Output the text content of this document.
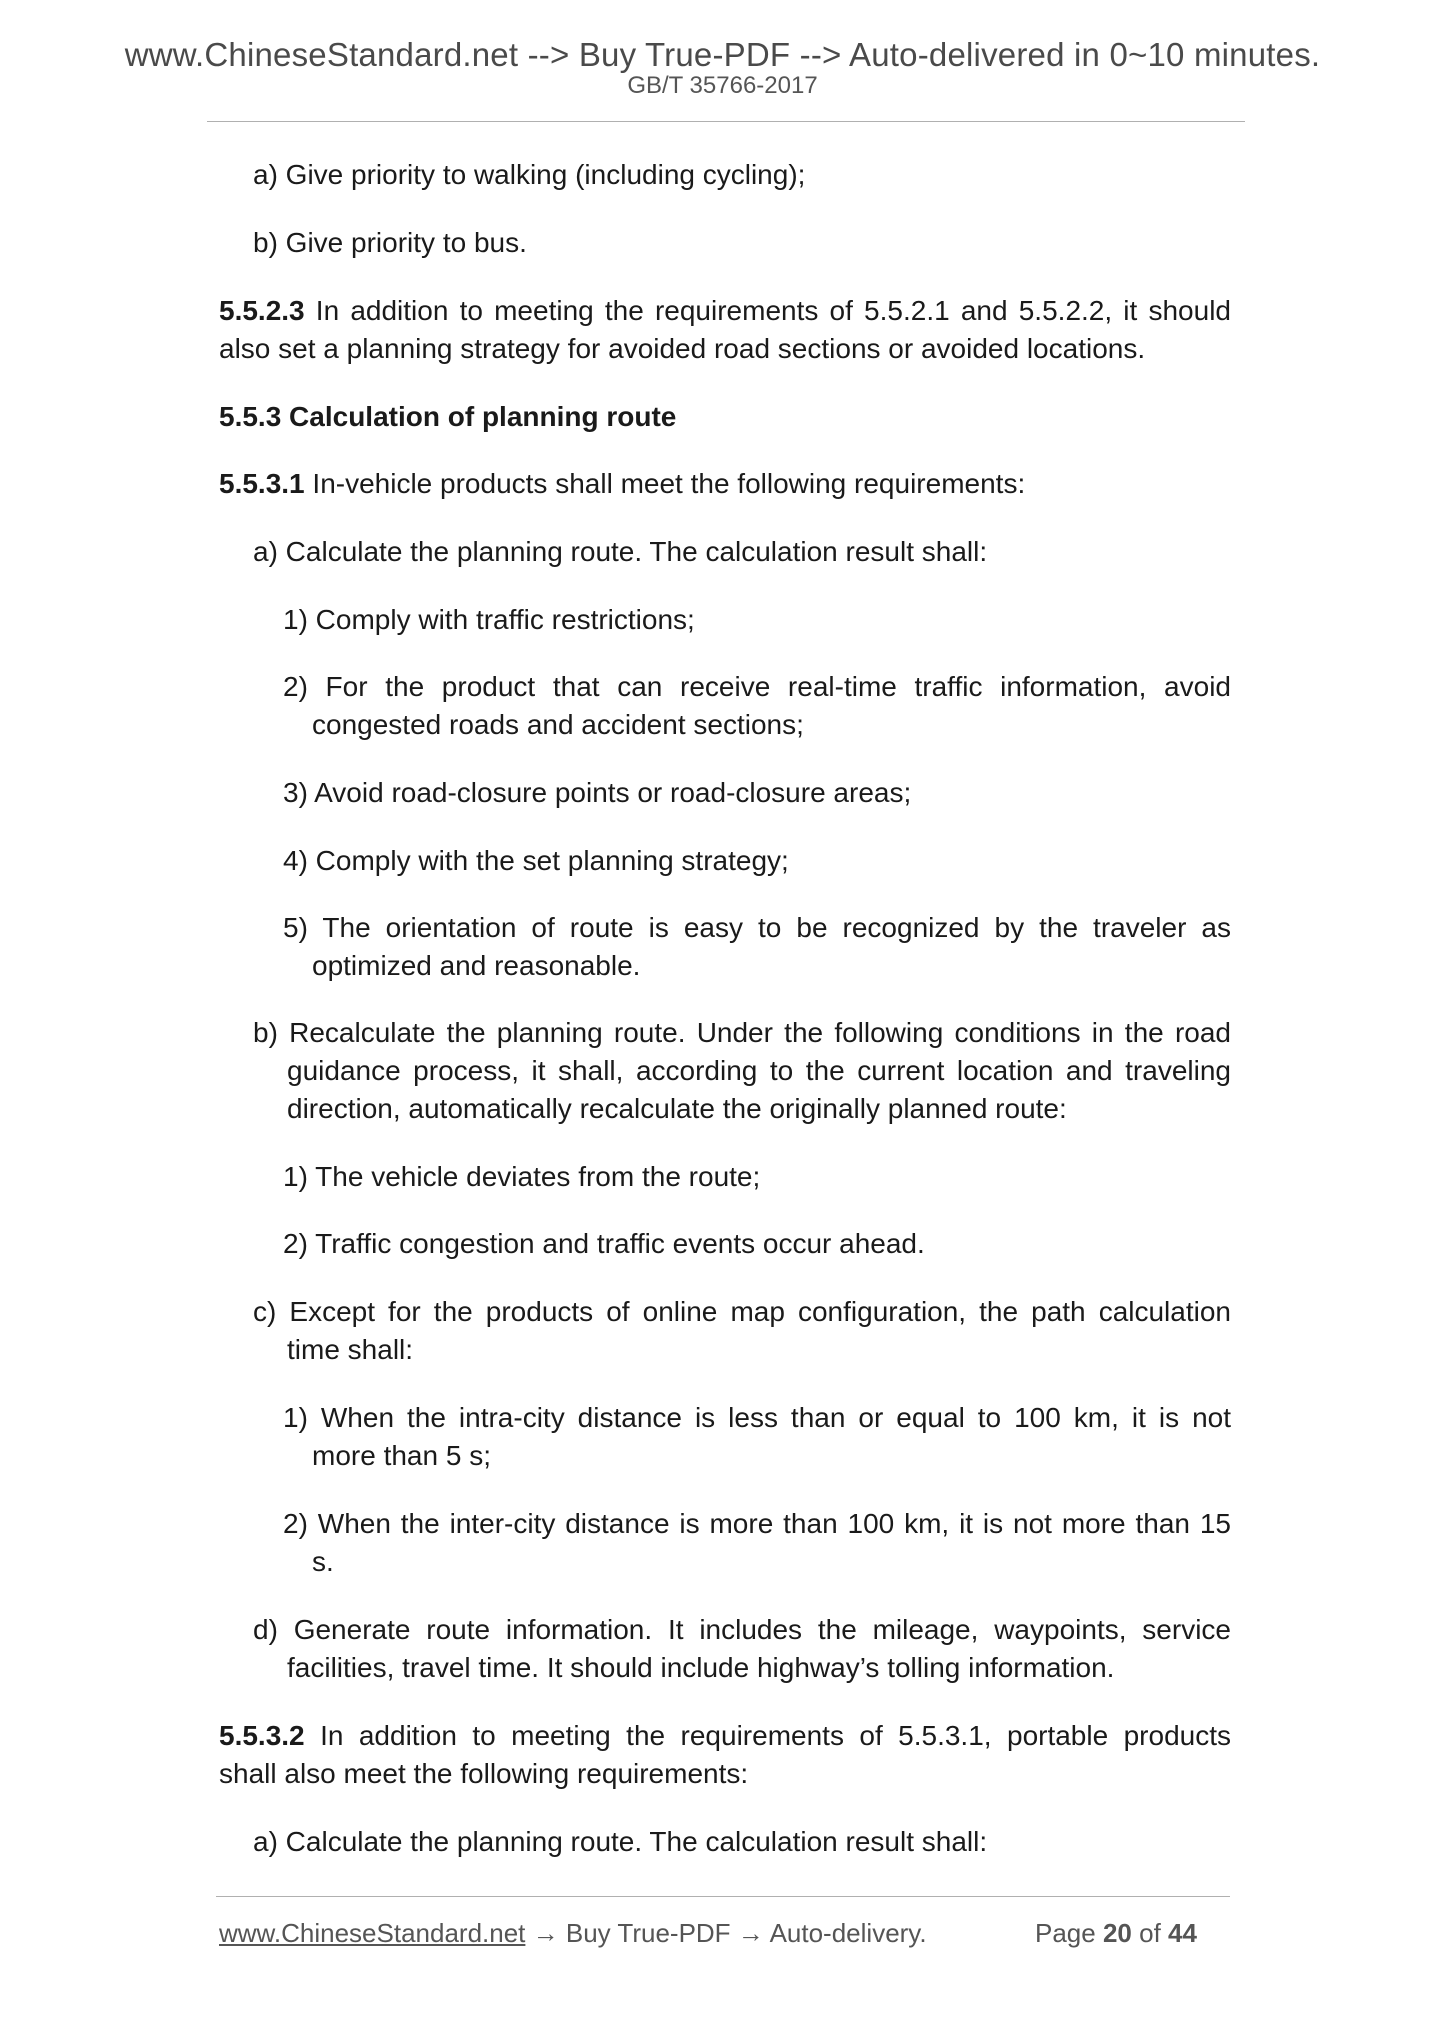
www.ChineseStandard.net --> Buy True-PDF --> Auto-delivered in 0~10 minutes.
GB/T 35766-2017
a) Give priority to walking (including cycling);
b) Give priority to bus.
5.5.2.3 In addition to meeting the requirements of 5.5.2.1 and 5.5.2.2, it should
also set a planning strategy for avoided road sections or avoided locations.
5.5.3 Calculation of planning route
5.5.3.1 In-vehicle products shall meet the following requirements:
a) Calculate the planning route. The calculation result shall:
1) Comply with traffic restrictions;
2) For the product that can receive real-time traffic information, avoid
congested roads and accident sections;
3) Avoid road-closure points or road-closure areas;
4) Comply with the set planning strategy;
5) The orientation of route is easy to be recognized by the traveler as
optimized and reasonable.
b) Recalculate the planning route. Under the following conditions in the road
guidance process, it shall, according to the current location and traveling
direction, automatically recalculate the originally planned route:
1) The vehicle deviates from the route;
2) Traffic congestion and traffic events occur ahead.
c) Except for the products of online map configuration, the path calculation
time shall:
1) When the intra-city distance is less than or equal to 100 km, it is not
more than 5 s;
2) When the inter-city distance is more than 100 km, it is not more than 15
s.
d) Generate route information. It includes the mileage, waypoints, service
facilities, travel time. It should include highway’s tolling information.
5.5.3.2 In addition to meeting the requirements of 5.5.3.1, portable products
shall also meet the following requirements:
a) Calculate the planning route. The calculation result shall:
www.ChineseStandard.net → Buy True-PDF → Auto-delivery.	Page 20 of 44
